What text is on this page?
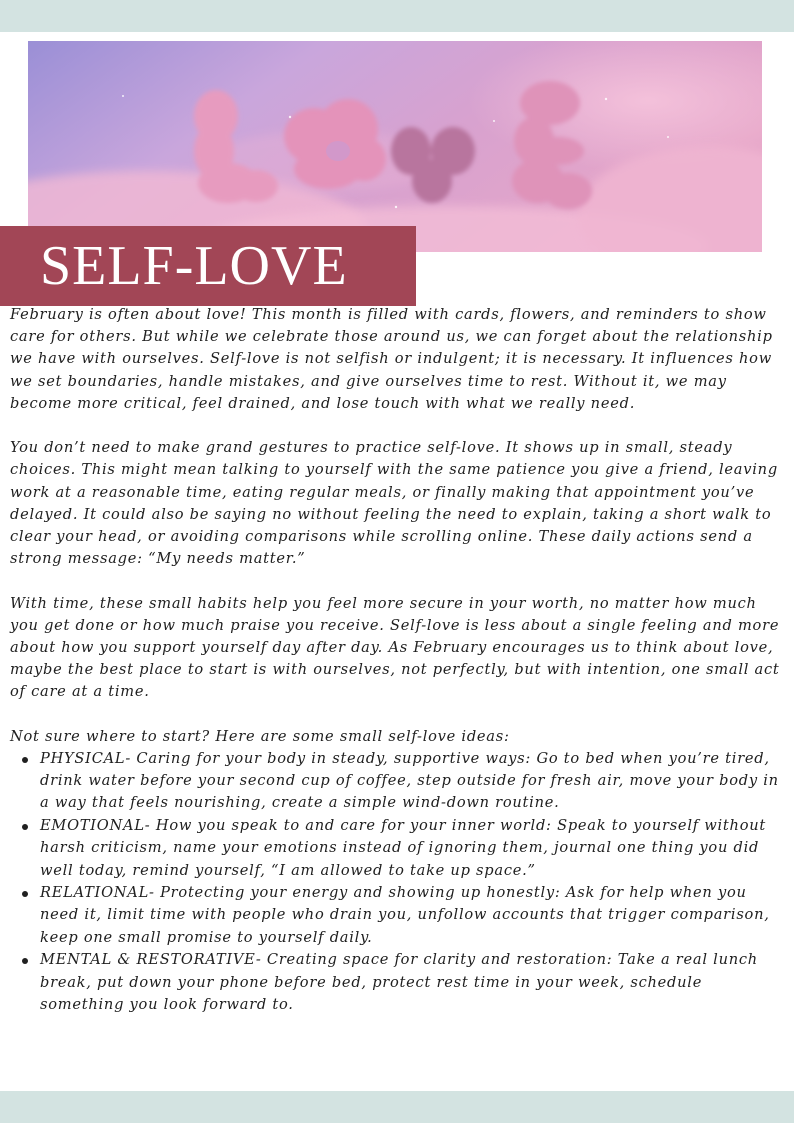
SELF-LOVE

February is often about love! This month is filled with cards, flowers, and reminders to show care for others. But while we celebrate those around us, we can forget about the relationship we have with ourselves. Self-love is not selfish or indulgent; it is necessary. It influences how we set boundaries, handle mistakes, and give ourselves time to rest. Without it, we may become more critical, feel drained, and lose touch with what we really need.

You don’t need to make grand gestures to practice self-love. It shows up in small, steady choices. This might mean talking to yourself with the same patience you give a friend, leaving work at a reasonable time, eating regular meals, or finally making that appointment you’ve delayed. It could also be saying no without feeling the need to explain, taking a short walk to clear your head, or avoiding comparisons while scrolling online. These daily actions send a strong message: “My needs matter.”

With time, these small habits help you feel more secure in your worth, no matter how much you get done or how much praise you receive. Self-love is less about a single feeling and more about how you support yourself day after day. As February encourages us to think about love, maybe the best place to start is with ourselves, not perfectly, but with intention, one small act of care at a time.

Not sure where to start? Here are some small self-love ideas:

PHYSICAL- Caring for your body in steady, supportive ways: Go to bed when you’re tired, drink water before your second cup of coffee, step outside for fresh air, move your body in a way that feels nourishing, create a simple wind-down routine.
EMOTIONAL- How you speak to and care for your inner world: Speak to yourself without harsh criticism, name your emotions instead of ignoring them, journal one thing you did well today, remind yourself, “I am allowed to take up space.”
RELATIONAL- Protecting your energy and showing up honestly: Ask for help when you need it, limit time with people who drain you, unfollow accounts that trigger comparison, keep one small promise to yourself daily.
MENTAL & RESTORATIVE- Creating space for clarity and restoration: Take a real lunch break, put down your phone before bed, protect rest time in your week, schedule something you look forward to.
